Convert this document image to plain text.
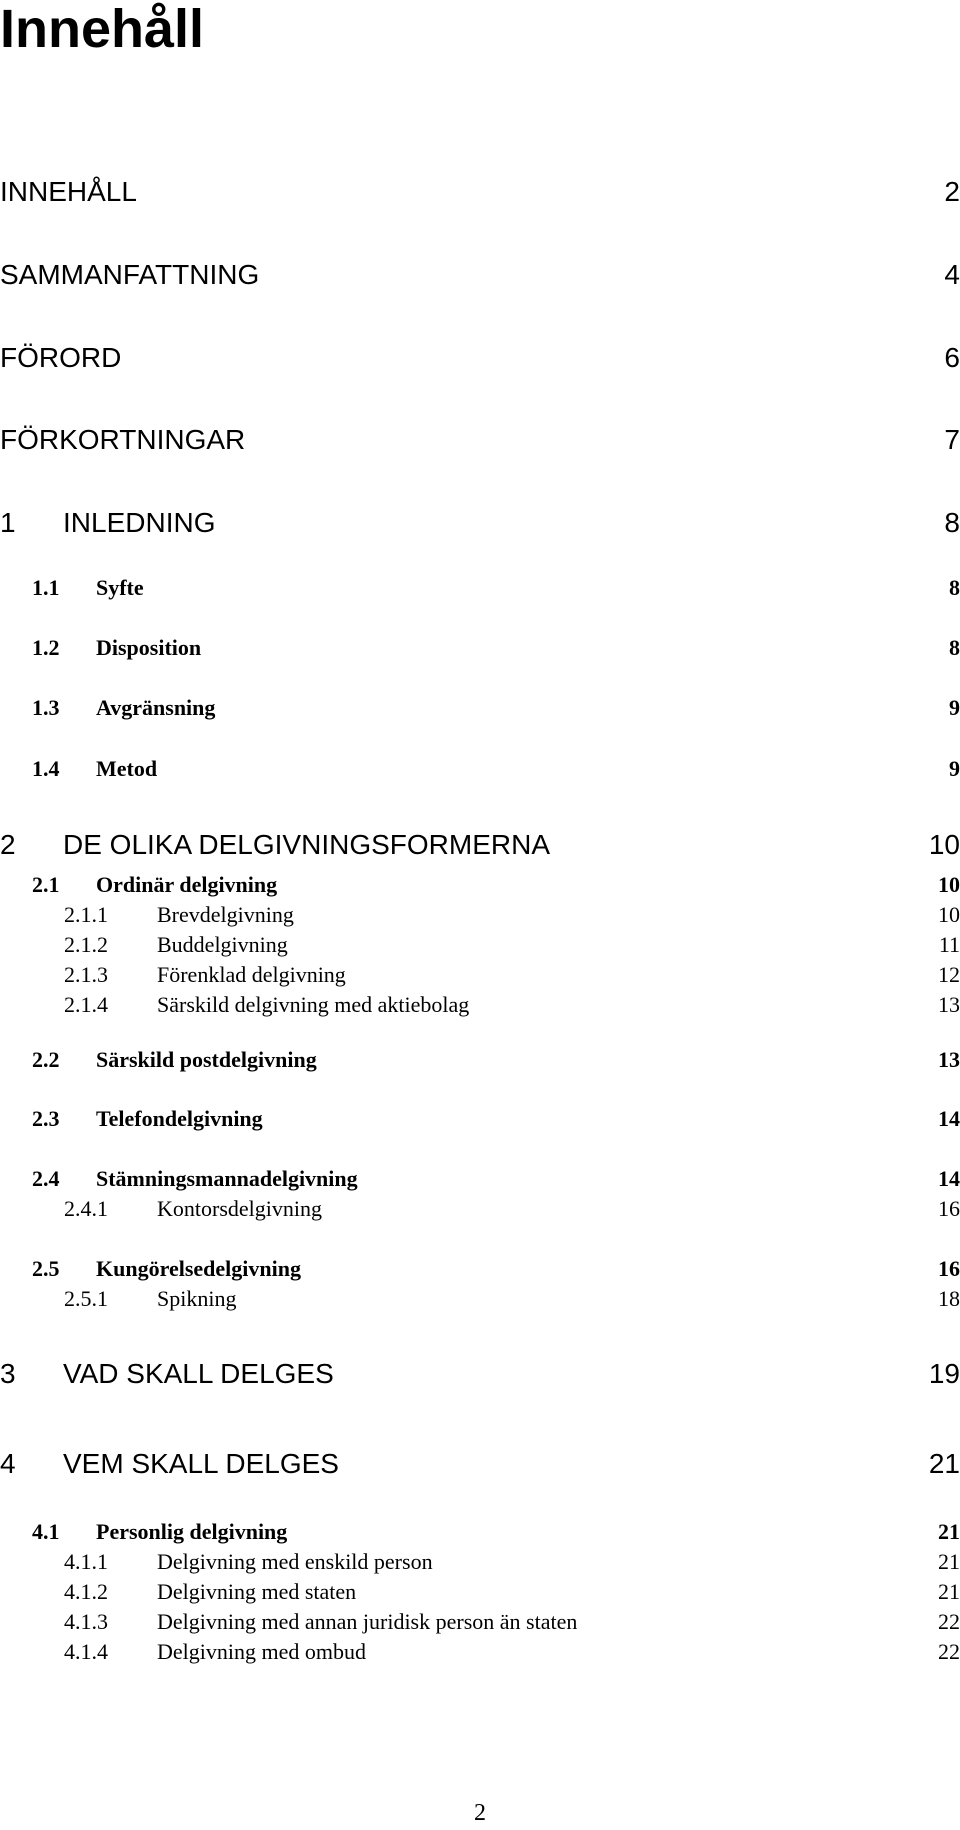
Innehåll
INNEHÅLL	2
SAMMANFATTNING	4
FÖRORD	6
FÖRKORTNINGAR	7
1 INLEDNING	8
1.1 Syfte	8
1.2 Disposition	8
1.3 Avgränsning	9
1.4 Metod	9
2 DE OLIKA DELGIVNINGSFORMERNA	10
2.1 Ordinär delgivning	10
2.1.1 Brevdelgivning	10
2.1.2 Buddelgivning	11
2.1.3 Förenklad delgivning	12
2.1.4 Särskild delgivning med aktiebolag	13
2.2 Särskild postdelgivning	13
2.3 Telefondelgivning	14
2.4 Stämningsmannadelgivning	14
2.4.1 Kontorsdelgivning	16
2.5 Kungörelsedelgivning	16
2.5.1 Spikning	18
3 VAD SKALL DELGES	19
4 VEM SKALL DELGES	21
4.1 Personlig delgivning	21
4.1.1 Delgivning med enskild person	21
4.1.2 Delgivning med staten	21
4.1.3 Delgivning med annan juridisk person än staten	22
4.1.4 Delgivning med ombud	22
2
